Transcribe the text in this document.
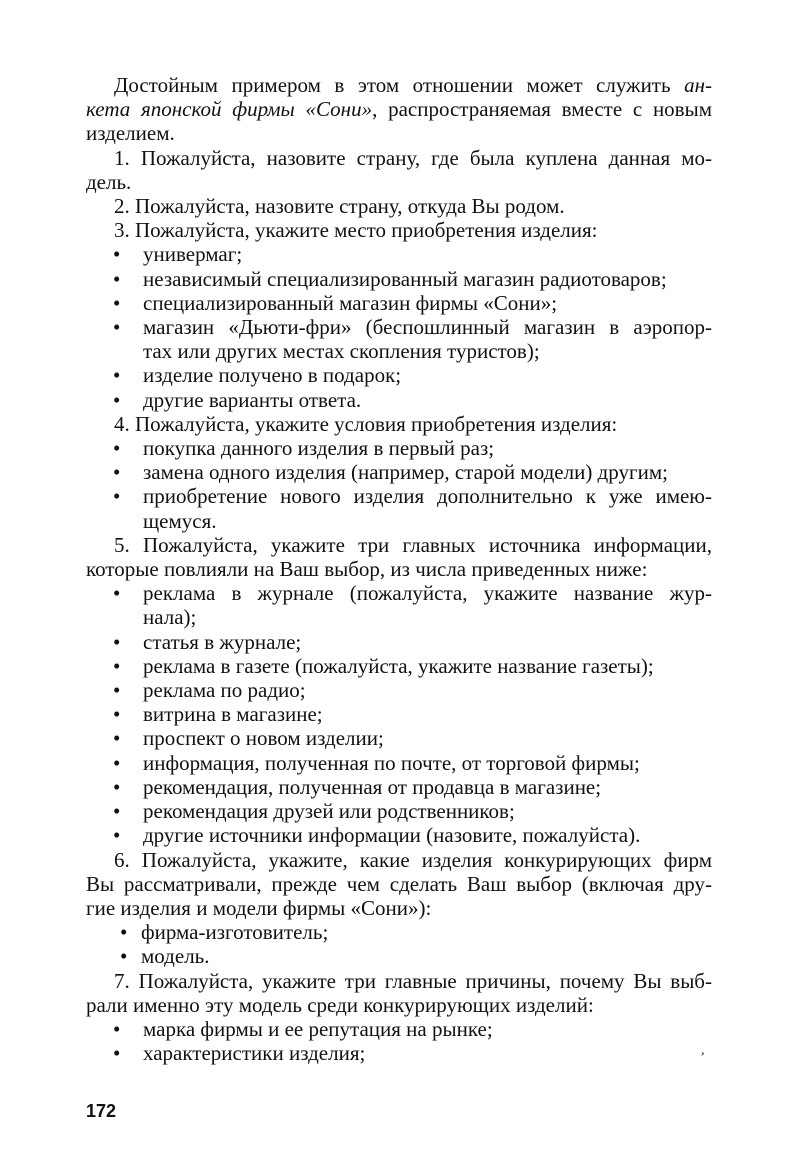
Достойным примером в этом отношении может служить ан-
кета японской фирмы «Сони», распространяемая вместе с новым
изделием.
1. Пожалуйста, назовите страну, где была куплена данная мо-
дель.
2. Пожалуйста, назовите страну, откуда Вы родом.
3. Пожалуйста, укажите место приобретения изделия:
•	универмаг;
•	независимый специализированный магазин радиотоваров;
•	специализированный магазин фирмы «Сони»;
•	магазин «Дьюти-фри» (беспошлинный магазин в аэропор-
тах или других местах скопления туристов);
•	изделие получено в подарок;
•	другие варианты ответа.
4. Пожалуйста, укажите условия приобретения изделия:
•	покупка данного изделия в первый раз;
•	замена одного изделия (например, старой модели) другим;
•	приобретение нового изделия дополнительно к уже имею-
щемуся.
5. Пожалуйста, укажите три главных источника информации,
которые повлияли на Ваш выбор, из числа приведенных ниже:
•	реклама в журнале (пожалуйста, укажите название жур-
нала);
•	статья в журнале;
•	реклама в газете (пожалуйста, укажите название газеты);
•	реклама по радио;
•	витрина в магазине;
•	проспект о новом изделии;
•	информация, полученная по почте, от торговой фирмы;
•	рекомендация, полученная от продавца в магазине;
•	рекомендация друзей или родственников;
•	другие источники информации (назовите, пожалуйста).
6. Пожалуйста, укажите, какие изделия конкурирующих фирм
Вы рассматривали, прежде чем сделать Ваш выбор (включая дру-
гие изделия и модели фирмы «Сони»):
• фирма-изготовитель;
• модель.
7. Пожалуйста, укажите три главные причины, почему Вы выб-
рали именно эту модель среди конкурирующих изделий:
•	марка фирмы и ее репутация на рынке;
•	характеристики изделия;
172
,
